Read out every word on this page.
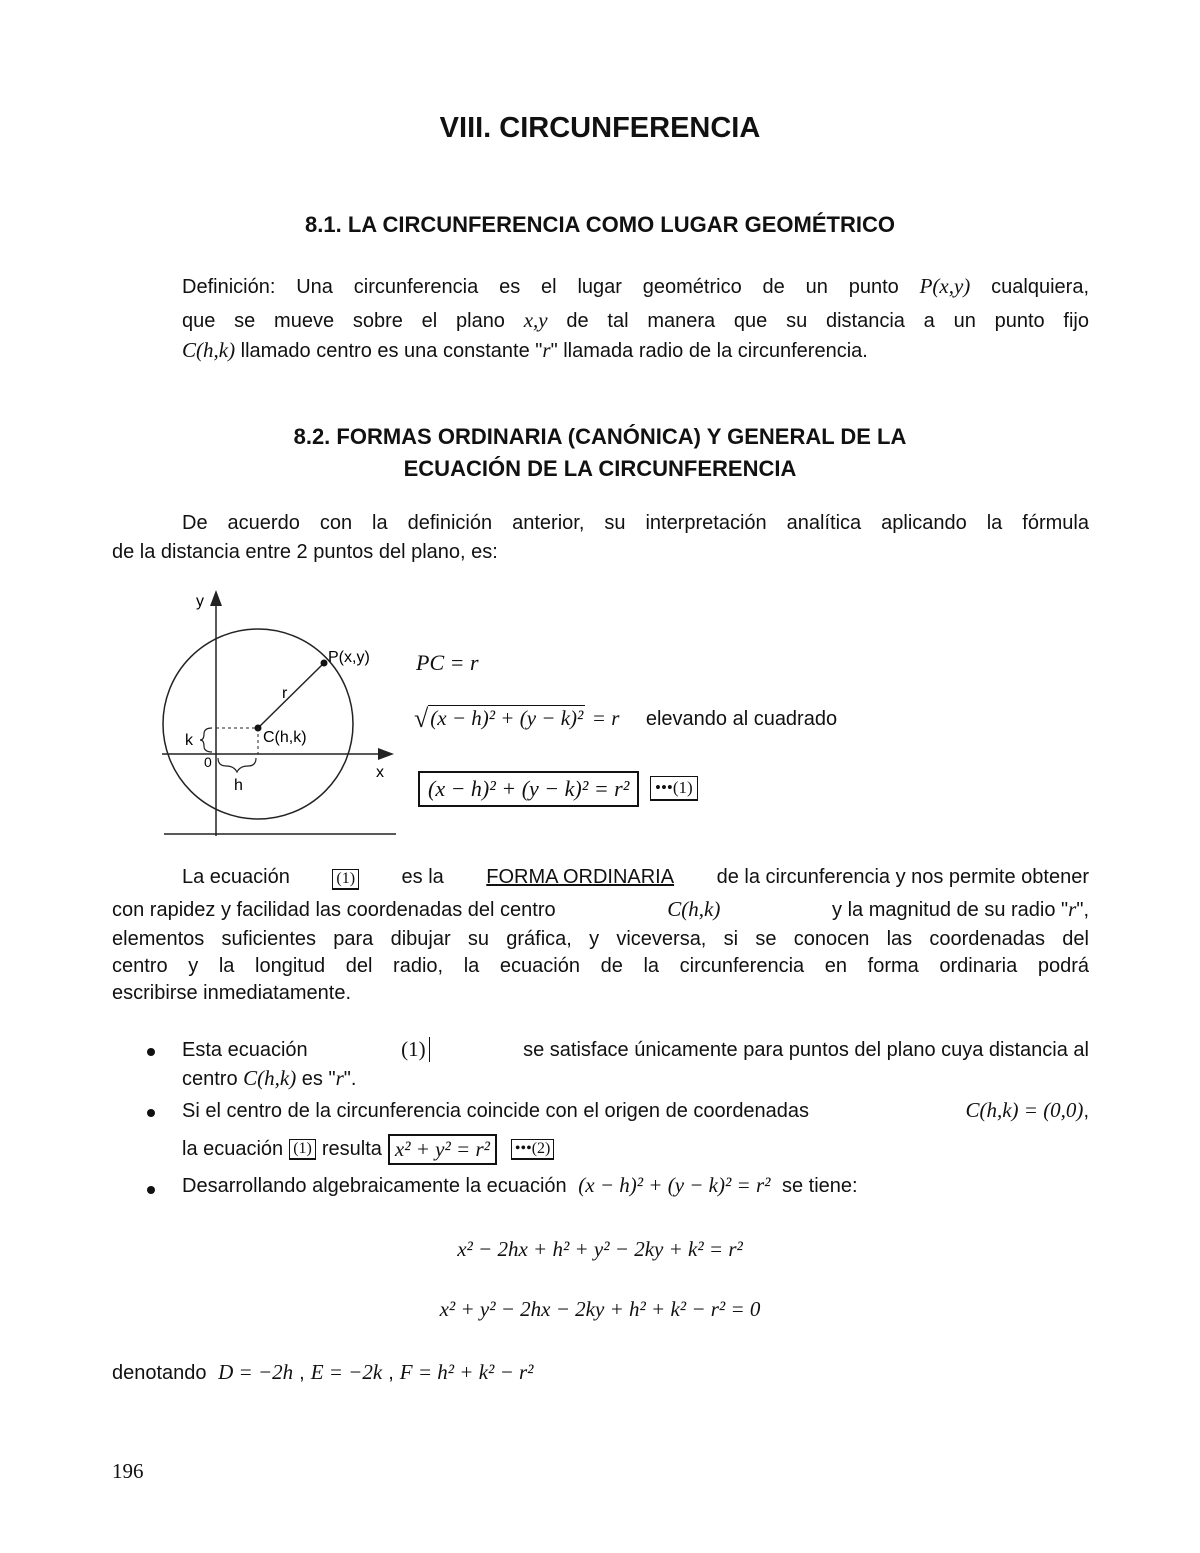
VIII. CIRCUNFERENCIA
8.1. LA CIRCUNFERENCIA COMO LUGAR GEOMÉTRICO
Definición: Una circunferencia es el lugar geométrico de un punto P(x,y) cualquiera,
que se mueve sobre el plano x,y de tal manera que su distancia a un punto fijo
C(h,k) llamado centro es una constante "r" llamada radio de la circunferencia.
8.2. FORMAS ORDINARIA (CANÓNICA) Y GENERAL DE LA
ECUACIÓN DE LA CIRCUNFERENCIA
De acuerdo con la definición anterior, su interpretación analítica aplicando la fórmula
de la distancia entre 2 puntos del plano, es:
y
x
P(x,y)
r
C(h,k)
k
h
0
PC = r
√(x − h)² + (y − k)² = r elevando al cuadrado
(x − h)² + (y − k)² = r²	•••(1)
La ecuación	(1) es la FORMA ORDINARIA de la circunferencia y nos permite obtener
con rapidez y facilidad las coordenadas del centro	C(h,k)	y la magnitud de su radio "r",
elementos suficientes para dibujar su gráfica, y viceversa, si se conocen las coordenadas del
centro y la longitud del radio, la ecuación de la circunferencia en forma ordinaria podrá
escribirse inmediatamente.
Esta ecuación	(1)	se satisface únicamente para puntos del plano cuya distancia al
centro C(h,k) es "r".
Si el centro de la circunferencia coincide con el origen de coordenadas	C(h,k) = (0,0),
la ecuación (1) resulta x² + y² = r²	•••(2)
Desarrollando algebraicamente la ecuación (x − h)² + (y − k)² = r² se tiene:
x² − 2hx + h² + y² − 2ky + k² = r²
x² + y² − 2hx − 2ky + h² + k² − r² = 0
denotando D = −2h , E = −2k , F = h² + k² − r²
196
